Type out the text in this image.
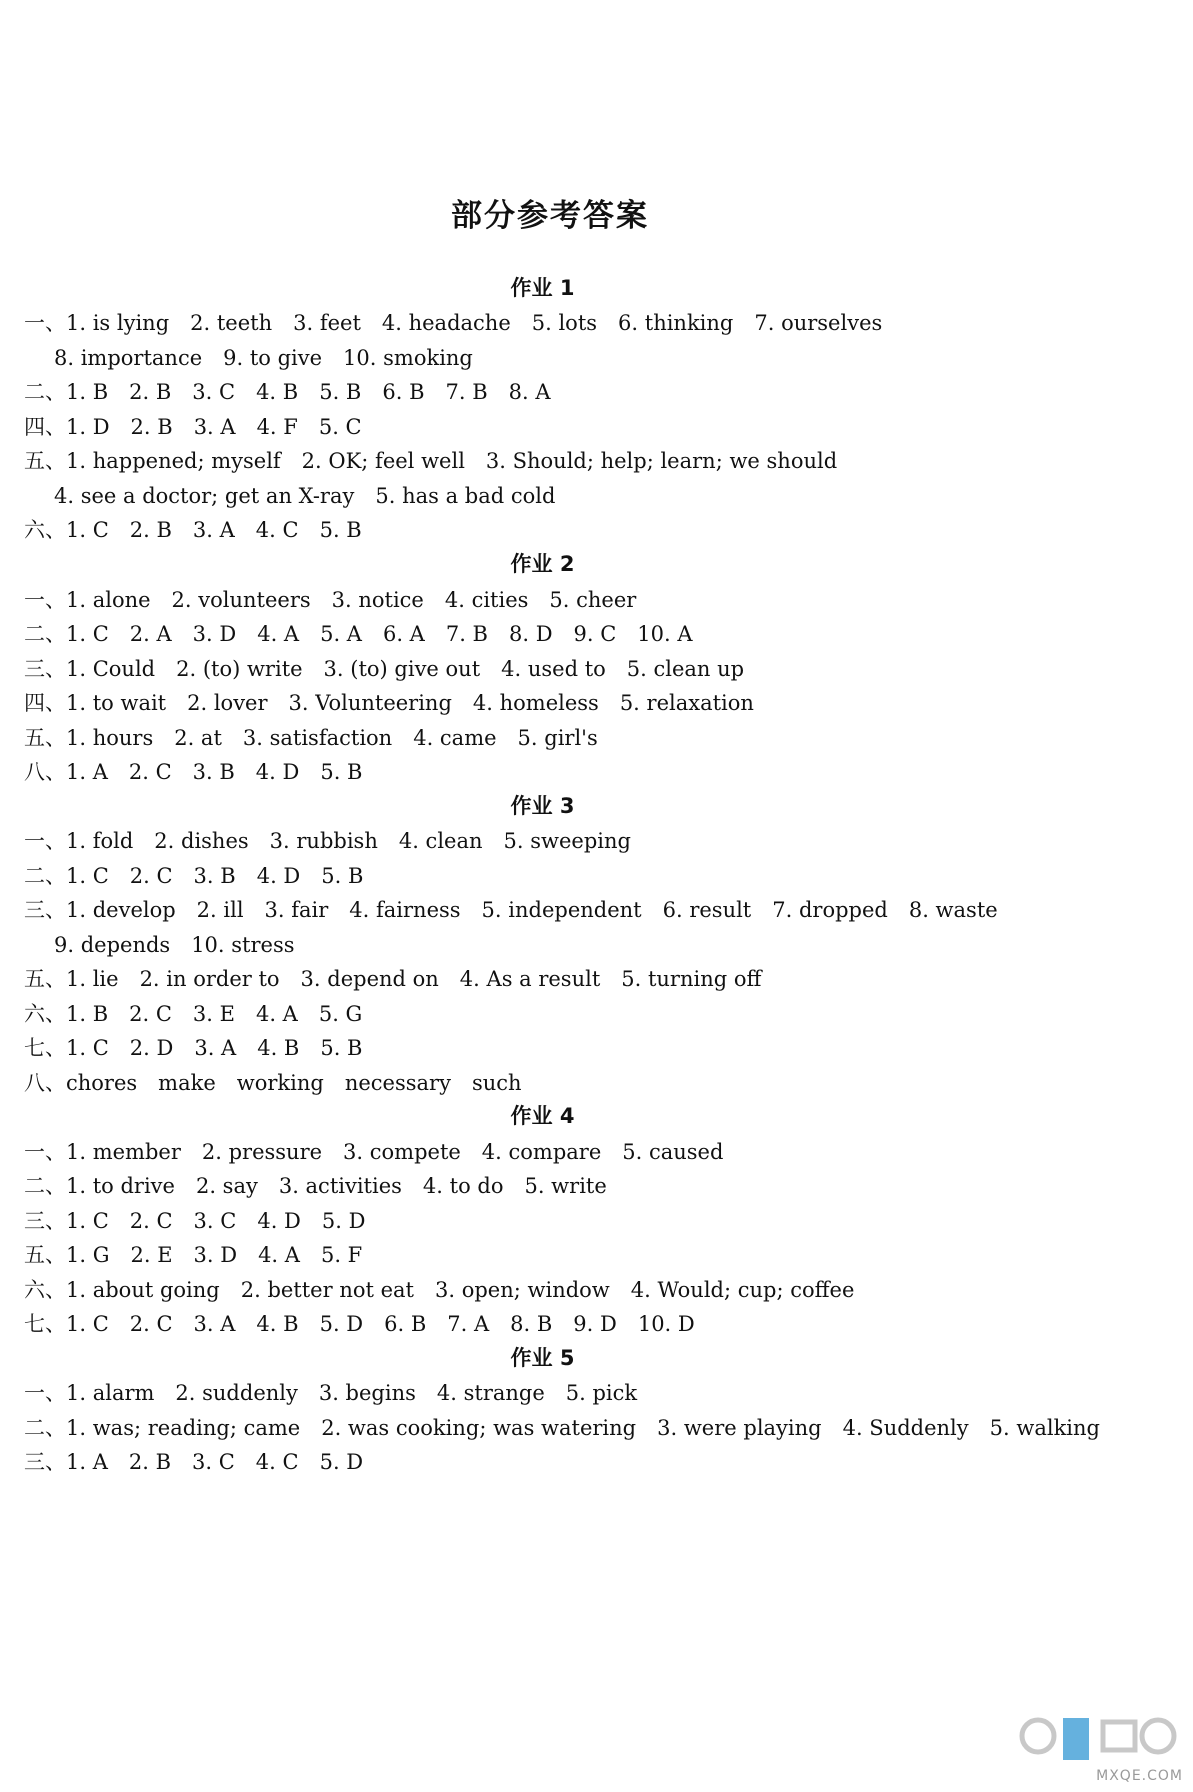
部分参考答案
作业 1
一、1. is lying　2. teeth　3. feet　4. headache　5. lots　6. thinking　7. ourselves
8. importance　9. to give　10. smoking
二、1. B　2. B　3. C　4. B　5. B　6. B　7. B　8. A
四、1. D　2. B　3. A　4. F　5. C
五、1. happened; myself　2. OK; feel well　3. Should; help; learn; we should
4. see a doctor; get an X-ray　5. has a bad cold
六、1. C　2. B　3. A　4. C　5. B
作业 2
一、1. alone　2. volunteers　3. notice　4. cities　5. cheer
二、1. C　2. A　3. D　4. A　5. A　6. A　7. B　8. D　9. C　10. A
三、1. Could　2. (to) write　3. (to) give out　4. used to　5. clean up
四、1. to wait　2. lover　3. Volunteering　4. homeless　5. relaxation
五、1. hours　2. at　3. satisfaction　4. came　5. girl's
八、1. A　2. C　3. B　4. D　5. B
作业 3
一、1. fold　2. dishes　3. rubbish　4. clean　5. sweeping
二、1. C　2. C　3. B　4. D　5. B
三、1. develop　2. ill　3. fair　4. fairness　5. independent　6. result　7. dropped　8. waste
9. depends　10. stress
五、1. lie　2. in order to　3. depend on　4. As a result　5. turning off
六、1. B　2. C　3. E　4. A　5. G
七、1. C　2. D　3. A　4. B　5. B
八、chores　make　working　necessary　such
作业 4
一、1. member　2. pressure　3. compete　4. compare　5. caused
二、1. to drive　2. say　3. activities　4. to do　5. write
三、1. C　2. C　3. C　4. D　5. D
五、1. G　2. E　3. D　4. A　5. F
六、1. about going　2. better not eat　3. open; window　4. Would; cup; coffee
七、1. C　2. C　3. A　4. B　5. D　6. B　7. A　8. B　9. D　10. D
作业 5
一、1. alarm　2. suddenly　3. begins　4. strange　5. pick
二、1. was; reading; came　2. was cooking; was watering　3. were playing　4. Suddenly　5. walking
三、1. A　2. B　3. C　4. C　5. D
MXQE.COM
